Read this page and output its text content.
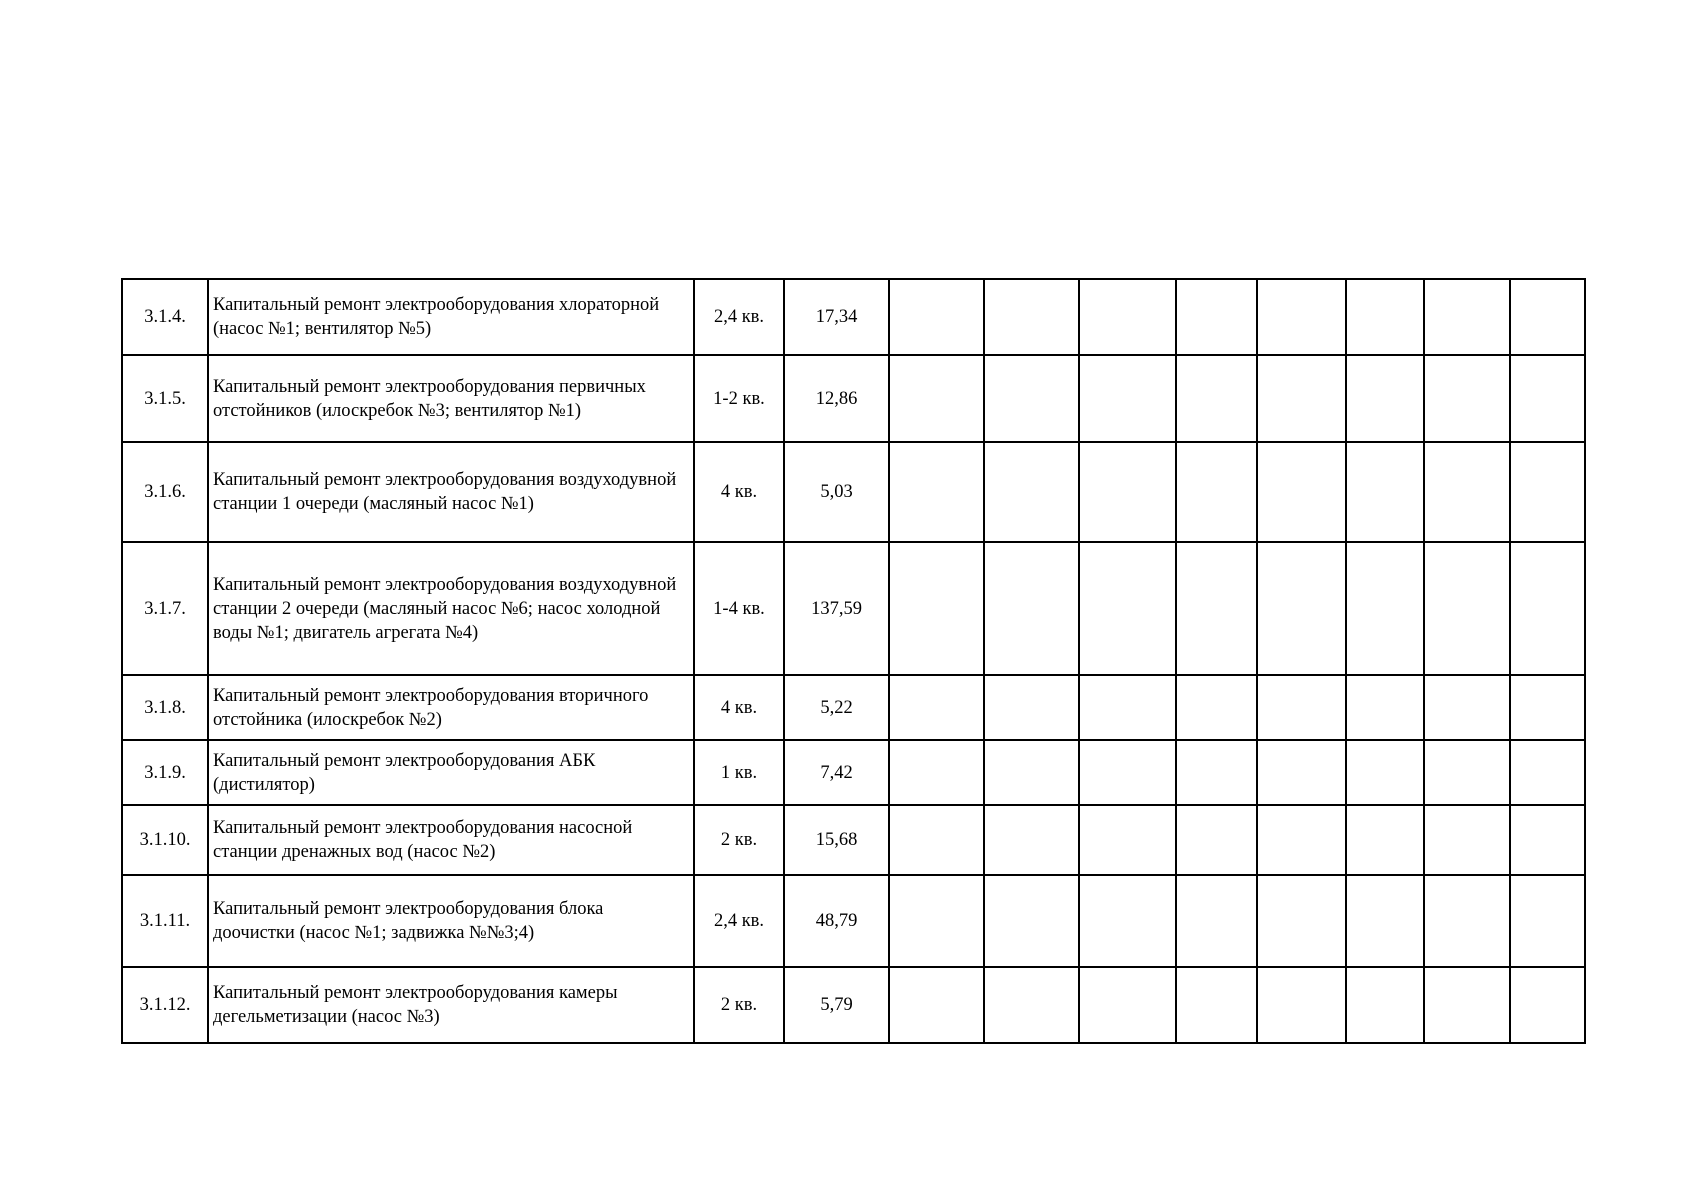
3.1.4.	Капитальный ремонт электрооборудования хлораторной (насос №1; вентилятор №5)	2,4 кв.	17,34								
3.1.5.	Капитальный ремонт электрооборудования первичных отстойников (илоскребок №3; вентилятор №1)	1-2 кв.	12,86								
3.1.6.	Капитальный ремонт электрооборудования воздуходувной станции 1 очереди (масляный насос №1)	4 кв.	5,03								
3.1.7.	Капитальный ремонт электрооборудования воздуходувной станции 2 очереди (масляный насос №6; насос холодной воды №1; двигатель агрегата №4)	1-4 кв.	137,59								
3.1.8.	Капитальный ремонт электрооборудования вторичного отстойника (илоскребок №2)	4 кв.	5,22								
3.1.9.	Капитальный ремонт электрооборудования АБК (дистилятор)	1 кв.	7,42								
3.1.10.	Капитальный ремонт электрооборудования насосной станции дренажных вод (насос №2)	2 кв.	15,68								
3.1.11.	Капитальный ремонт электрооборудования блока доочистки (насос №1; задвижка №№3;4)	2,4 кв.	48,79								
3.1.12.	Капитальный ремонт электрооборудования камеры дегельметизации (насос №3)	2 кв.	5,79								
